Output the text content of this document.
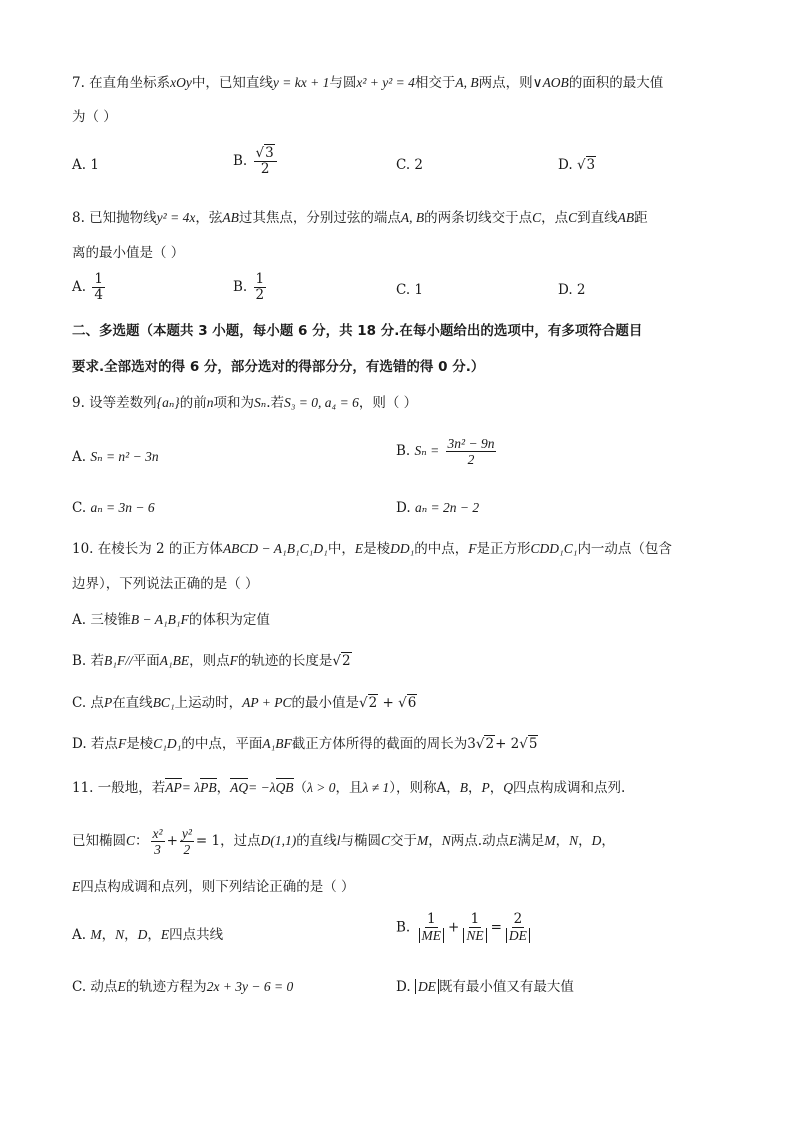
7. 在直角坐标系xOy中，已知直线y = kx + 1与圆x² + y² = 4相交于A, B两点，则∨AOB的面积的最大值
为（ ）
A. 1	B. $\frac{√3}{2}$	C. 2	D. √3
8. 已知抛物线y² = 4x，弦AB过其焦点，分别过弦的端点A, B的两条切线交于点C，点C到直线AB距
离的最小值是（ ）
A. $\frac{1}{4}$	B. $\frac{1}{2}$	C. 1	D. 2
二、多选题（本题共 3 小题，每小题 6 分，共 18 分.在每小题给出的选项中，有多项符合题目
要求.全部选对的得 6 分，部分选对的得部分分，有选错的得 0 分.）
9. 设等差数列{aₙ}的前n项和为Sₙ.若S₃ = 0, a₄ = 6，则（ ）
A. Sₙ = n² − 3n	B. $S_n = \frac{\text{3n² − 9n}}{2}$
C. aₙ = 3n − 6	D. aₙ = 2n − 2
10. 在棱长为 2 的正方体ABCD − A₁B₁C₁D₁中，E是棱DD₁的中点，F是正方形CDD₁C₁内一动点（包含
边界），下列说法正确的是（ ）
A. 三棱锥B − A₁B₁F的体积为定值
B. 若B₁F//平面A₁BE，则点F的轨迹的长度是√2
C. 点P在直线BC₁上运动时，AP + PC的最小值是√2 + √6
D. 若点F是棱C₁D₁的中点，平面A₁BF截正方体所得的截面的周长为3√2+ 2√5
11. 一般地，若AP= λPB，AQ= −λQB（λ > 0，且λ ≠ 1），则称A，B，P，Q四点构成调和点列.
已知椭圆C： $\frac{\text{x²}}{3} + \frac{\text{y²}}{2} = 1$，过点D(1,1)的直线l与椭圆C交于M，N两点.动点E满足M，N，D，
E四点构成调和点列，则下列结论正确的是（ ）
A. M，N，D，E四点共线	B. $\frac{1}{ME} + \frac{1}{NE} = \frac{2}{DE}$
C. 动点E的轨迹方程为2x + 3y − 6 = 0	D. DE 既有最小值又有最大值
